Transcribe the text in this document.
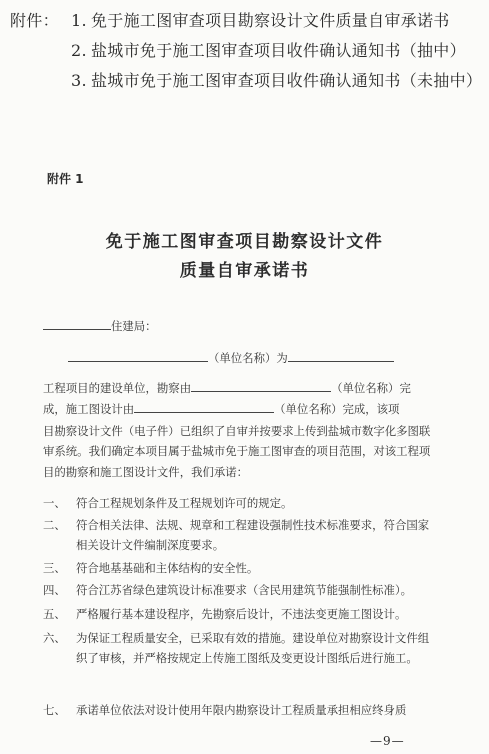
附件： 1. 免于施工图审查项目勘察设计文件质量自审承诺书
2. 盐城市免于施工图审查项目收件确认通知书（抽中）
3. 盐城市免于施工图审查项目收件确认通知书（未抽中）
附件 1
免于施工图审查项目勘察设计文件
质量自审承诺书
住建局：
（单位名称）为
工程项目的建设单位，勘察由	（单位名称）完
成，施工图设计由	（单位名称）完成，该项
目勘察设计文件（电子件）已组织了自审并按要求上传到盐城市数字化多图联审系统。我们确定本项目属于盐城市免于施工图审查的项目范围，对该工程项目的勘察和施工图设计文件，我们承诺：
一、 符合工程规划条件及工程规划许可的规定。
二、 符合相关法律、法规、规章和工程建设强制性技术标准要求，符合国家相关设计文件编制深度要求。
三、 符合地基基础和主体结构的安全性。
四、 符合江苏省绿色建筑设计标准要求（含民用建筑节能强制性标准）。
五、 严格履行基本建设程序，先勘察后设计，不违法变更施工图设计。
六、 为保证工程质量安全，已采取有效的措施。建设单位对勘察设计文件组织了审核，并严格按规定上传施工图纸及变更设计图纸后进行施工。
七、 承诺单位依法对设计使用年限内勘察设计工程质量承担相应终身质
—9—
